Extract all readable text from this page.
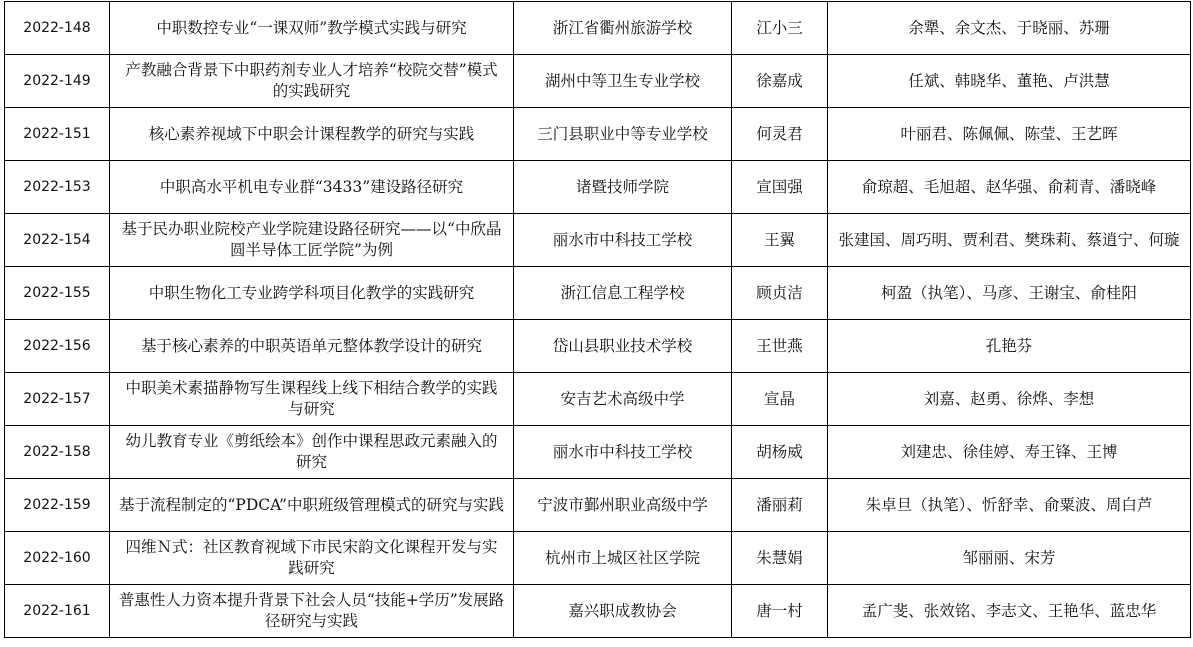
2022-148	中职数控专业“一课双师”教学模式实践与研究	浙江省衢州旅游学校	江小三	余犟、余文杰、于晓丽、苏珊
2022-149	产教融合背景下中职药剂专业人才培养“校院交替”模式的实践研究	湖州中等卫生专业学校	徐嘉成	任斌、韩晓华、董艳、卢洪慧
2022-151	核心素养视域下中职会计课程教学的研究与实践	三门县职业中等专业学校	何灵君	叶丽君、陈佩佩、陈莹、王艺晖
2022-153	中职高水平机电专业群“3433”建设路径研究	诸暨技师学院	宣国强	俞琼超、毛旭超、赵华强、俞莉青、潘晓峰
2022-154	基于民办职业院校产业学院建设路径研究——以“中欣晶圆半导体工匠学院”为例	丽水市中科技工学校	王翼	张建国、周巧明、贾利君、樊珠莉、蔡逍宁、何璇
2022-155	中职生物化工专业跨学科项目化教学的实践研究	浙江信息工程学校	顾贞洁	柯盈（执笔）、马彦、王谢宝、俞桂阳
2022-156	基于核心素养的中职英语单元整体教学设计的研究	岱山县职业技术学校	王世燕	孔艳芬
2022-157	中职美术素描静物写生课程线上线下相结合教学的实践与研究	安吉艺术高级中学	宣晶	刘嘉、赵勇、徐烨、李想
2022-158	幼儿教育专业《剪纸绘本》创作中课程思政元素融入的研究	丽水市中科技工学校	胡杨威	刘建忠、徐佳婷、寿王锋、王博
2022-159	基于流程制定的“PDCA”中职班级管理模式的研究与实践	宁波市鄞州职业高级中学	潘丽莉	朱卓旦（执笔）、忻舒幸、俞粟波、周白芦
2022-160	四维Ｎ式：社区教育视域下市民宋韵文化课程开发与实践研究	杭州市上城区社区学院	朱慧娟	邹丽丽、宋芳
2022-161	普惠性人力资本提升背景下社会人员“技能+学历”发展路径研究与实践	嘉兴职成教协会	唐一村	孟广斐、张效铭、李志文、王艳华、蓝忠华
